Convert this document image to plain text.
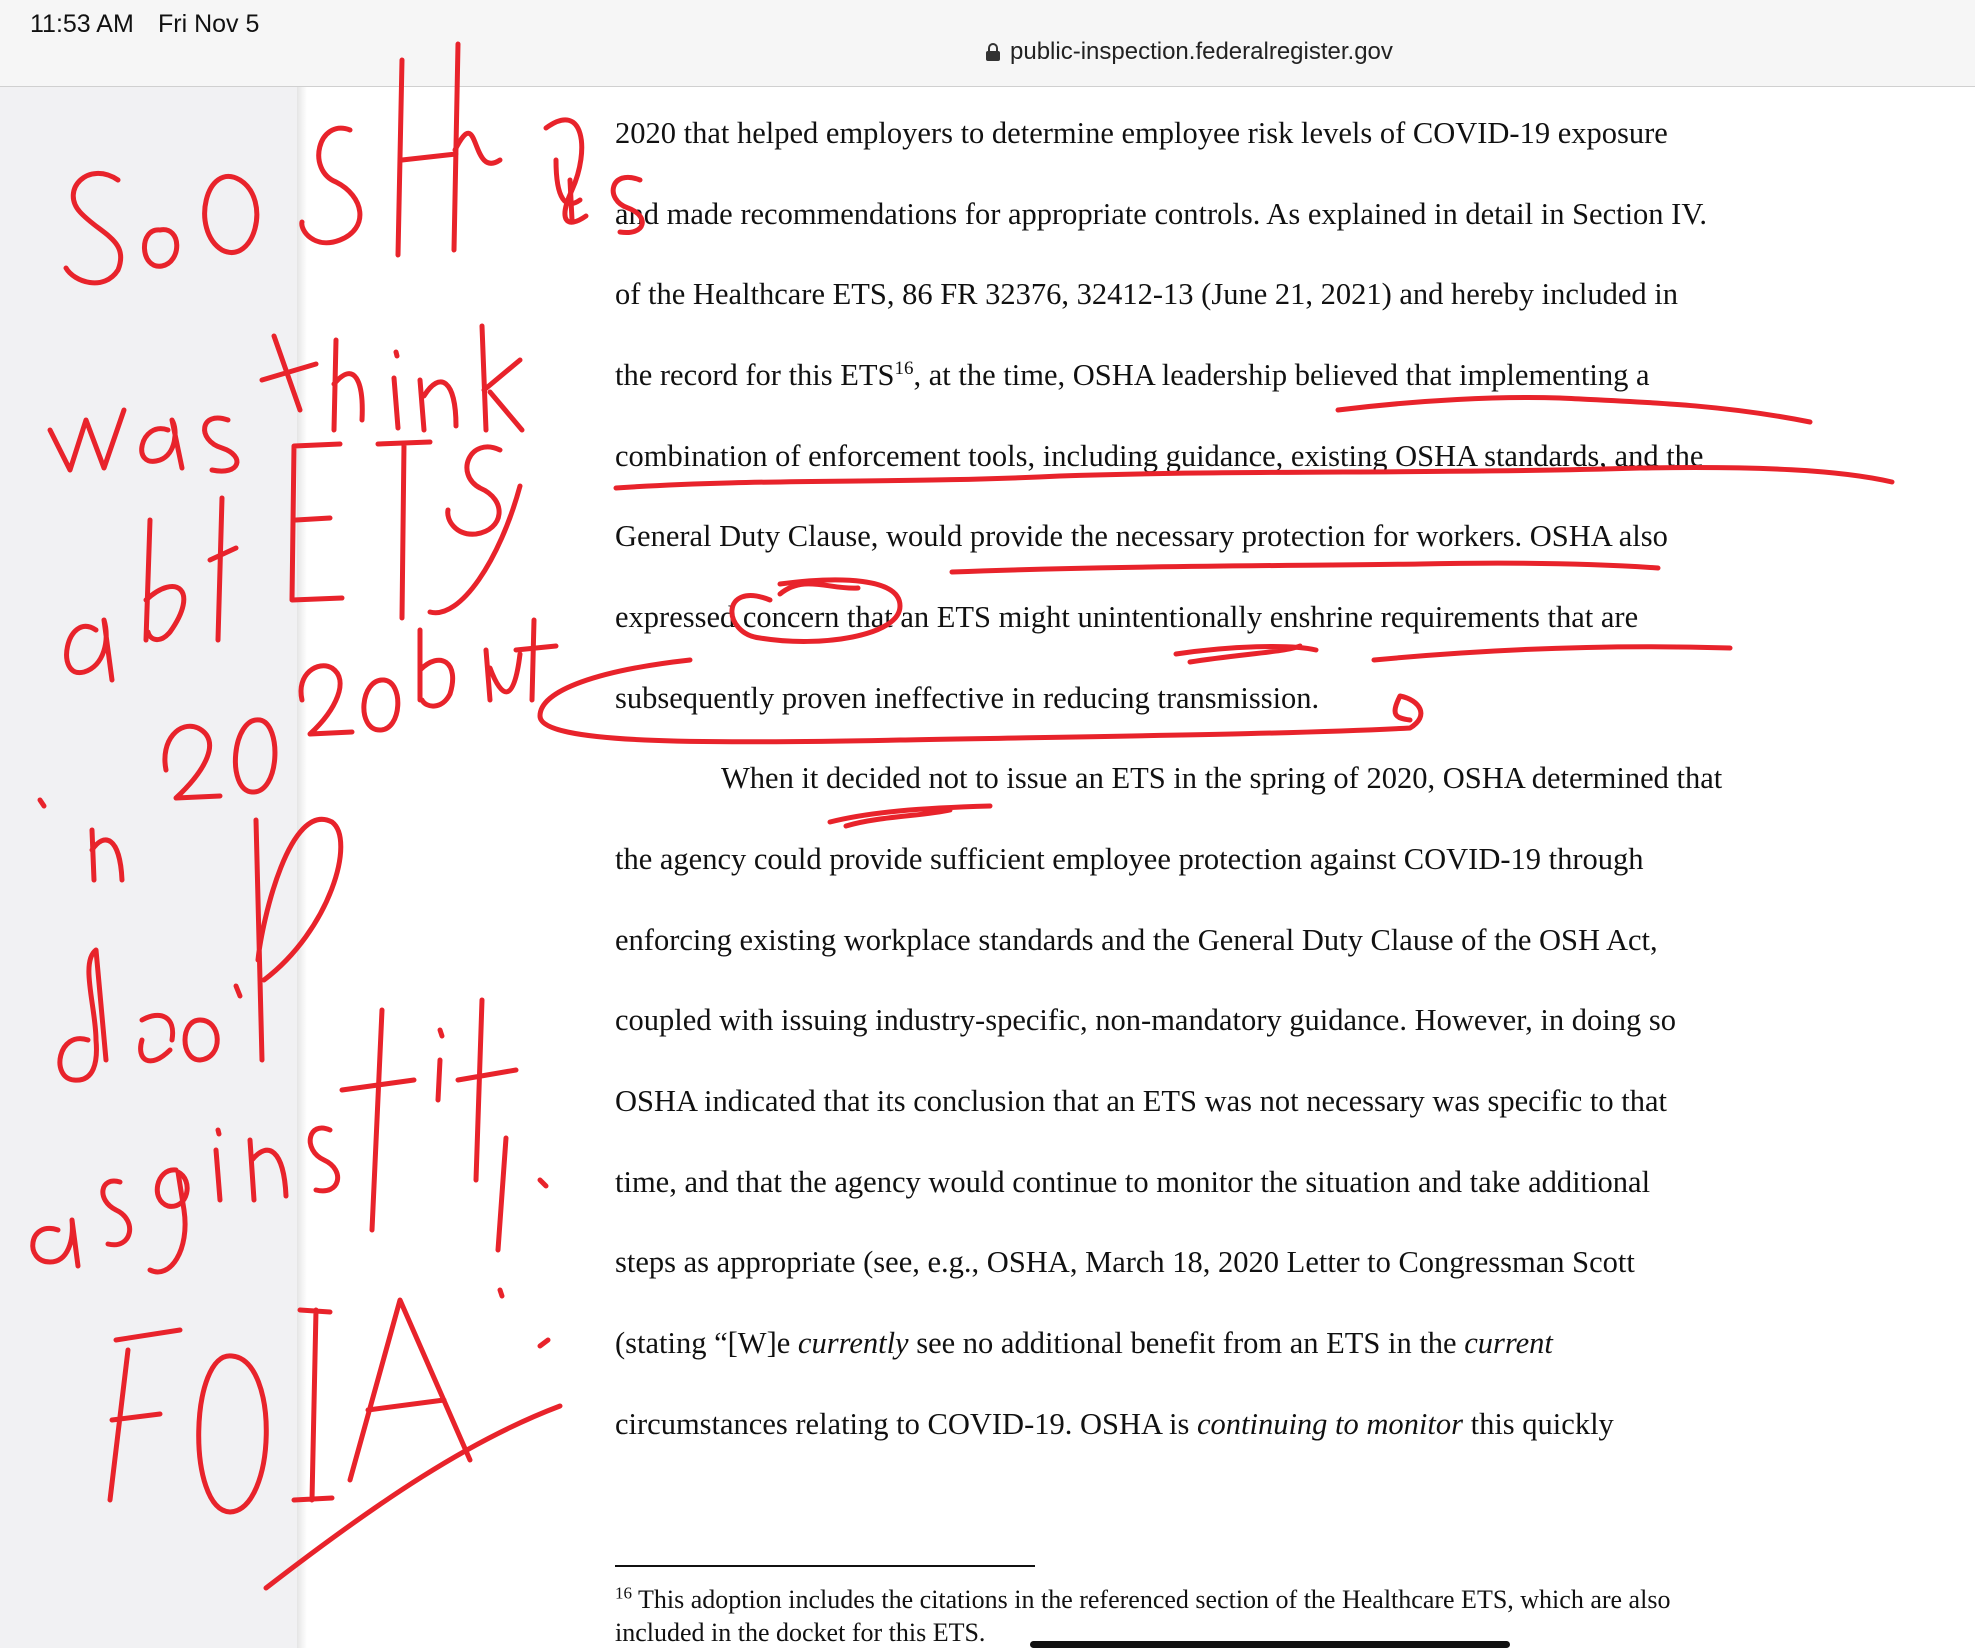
11:53 AM Fri Nov 5
public-inspection.federalregister.gov
2020 that helped employers to determine employee risk levels of COVID-19 exposure
and made recommendations for appropriate controls. As explained in detail in Section IV.
of the Healthcare ETS, 86 FR 32376, 32412-13 (June 21, 2021) and hereby included in
the record for this ETS$^{16}$, at the time, OSHA leadership believed that implementing a
combination of enforcement tools, including guidance, existing OSHA standards, and the
General Duty Clause, would provide the necessary protection for workers. OSHA also
expressed concern that an ETS might unintentionally enshrine requirements that are
subsequently proven ineffective in reducing transmission.
When it decided not to issue an ETS in the spring of 2020, OSHA determined that
the agency could provide sufficient employee protection against COVID-19 through
enforcing existing workplace standards and the General Duty Clause of the OSH Act,
coupled with issuing industry-specific, non-mandatory guidance. However, in doing so
OSHA indicated that its conclusion that an ETS was not necessary was specific to that
time, and that the agency would continue to monitor the situation and take additional
steps as appropriate (see, e.g., OSHA, March 18, 2020 Letter to Congressman Scott
(stating “[W]e currently see no additional benefit from an ETS in the current
circumstances relating to COVID-19. OSHA is continuing to monitor this quickly
$^{16}$ This adoption includes the citations in the referenced section of the Healthcare ETS, which are also
included in the docket for this ETS.
